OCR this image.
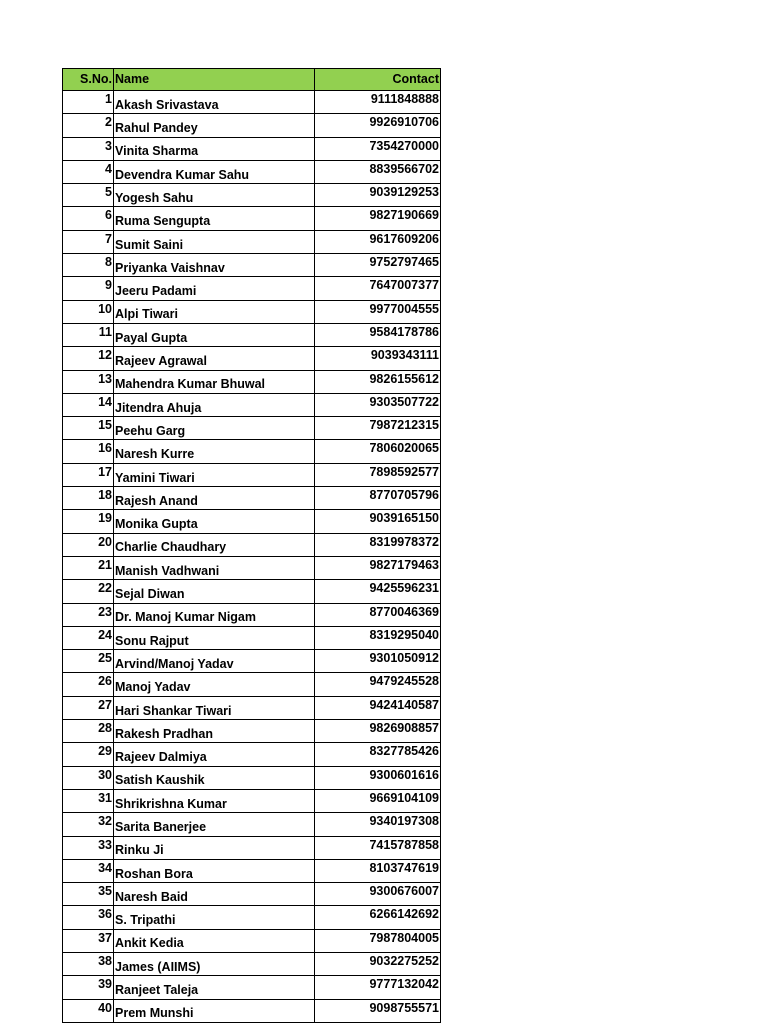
S.No.	Name	Contact
1	Akash Srivastava	9111848888
2	Rahul Pandey	9926910706
3	Vinita Sharma	7354270000
4	Devendra Kumar Sahu	8839566702
5	Yogesh Sahu	9039129253
6	Ruma Sengupta	9827190669
7	Sumit Saini	9617609206
8	Priyanka Vaishnav	9752797465
9	Jeeru Padami	7647007377
10	Alpi Tiwari	9977004555
11	Payal Gupta	9584178786
12	Rajeev Agrawal	9039343111
13	Mahendra Kumar Bhuwal	9826155612
14	Jitendra Ahuja	9303507722
15	Peehu Garg	7987212315
16	Naresh Kurre	7806020065
17	Yamini Tiwari	7898592577
18	Rajesh Anand	8770705796
19	Monika Gupta	9039165150
20	Charlie Chaudhary	8319978372
21	Manish Vadhwani	9827179463
22	Sejal Diwan	9425596231
23	Dr. Manoj Kumar Nigam	8770046369
24	Sonu Rajput	8319295040
25	Arvind/Manoj Yadav	9301050912
26	Manoj Yadav	9479245528
27	Hari Shankar Tiwari	9424140587
28	Rakesh Pradhan	9826908857
29	Rajeev Dalmiya	8327785426
30	Satish Kaushik	9300601616
31	Shrikrishna Kumar	9669104109
32	Sarita Banerjee	9340197308
33	Rinku Ji	7415787858
34	Roshan Bora	8103747619
35	Naresh Baid	9300676007
36	S. Tripathi	6266142692
37	Ankit Kedia	7987804005
38	James (AIIMS)	9032275252
39	Ranjeet Taleja	9777132042
40	Prem Munshi	9098755571
